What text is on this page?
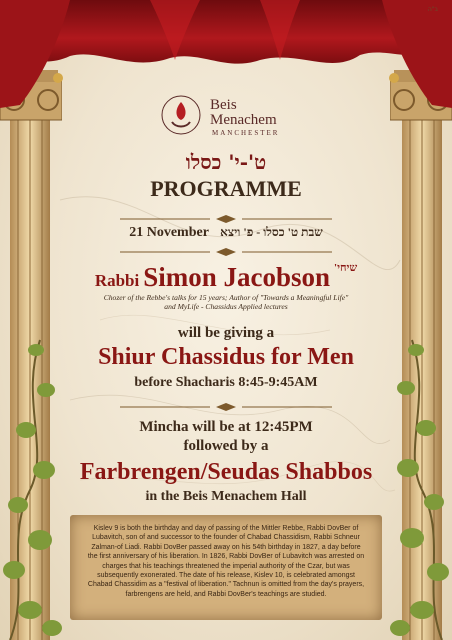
ב"ה
Beis
Menachem
MANCHESTER
ט'-י' כסלו
PROGRAMME
21 November שבת ט' כסלו - פ' ויצא
Rabbi Simon Jacobson $^{שיחי'}$
Chozer of the Rebbe's talks for 15 years; Author of "Towards a Meaningful Life"
and MyLife - Chassidus Applied lectures
will be giving a
Shiur Chassidus for Men
before Shacharis 8:45-9:45AM
Mincha will be at 12:45PM
followed by a
Farbrengen/Seudas Shabbos
in the Beis Menachem Hall
Kislev 9 is both the birthday and day of passing of the Mittler Rebbe, Rabbi DovBer of Lubavitch, son of and successor to the founder of Chabad Chassidism, Rabbi Schneur Zalman-of Liadi. Rabbi DovBer passed away on his 54th birthday in 1827, a day before the first anniversary of his liberation. In 1826, Rabbi DovBer of Lubavitch was arrested on charges that his teachings threatened the imperial authority of the Czar, but was subsequently exonerated. The date of his release, Kislev 10, is celebrated amongst Chabad Chassidim as a "festival of liberation." Tachnun is omitted from the day's prayers, farbrengens are held, and Rabbi DovBer's teachings are studied.
